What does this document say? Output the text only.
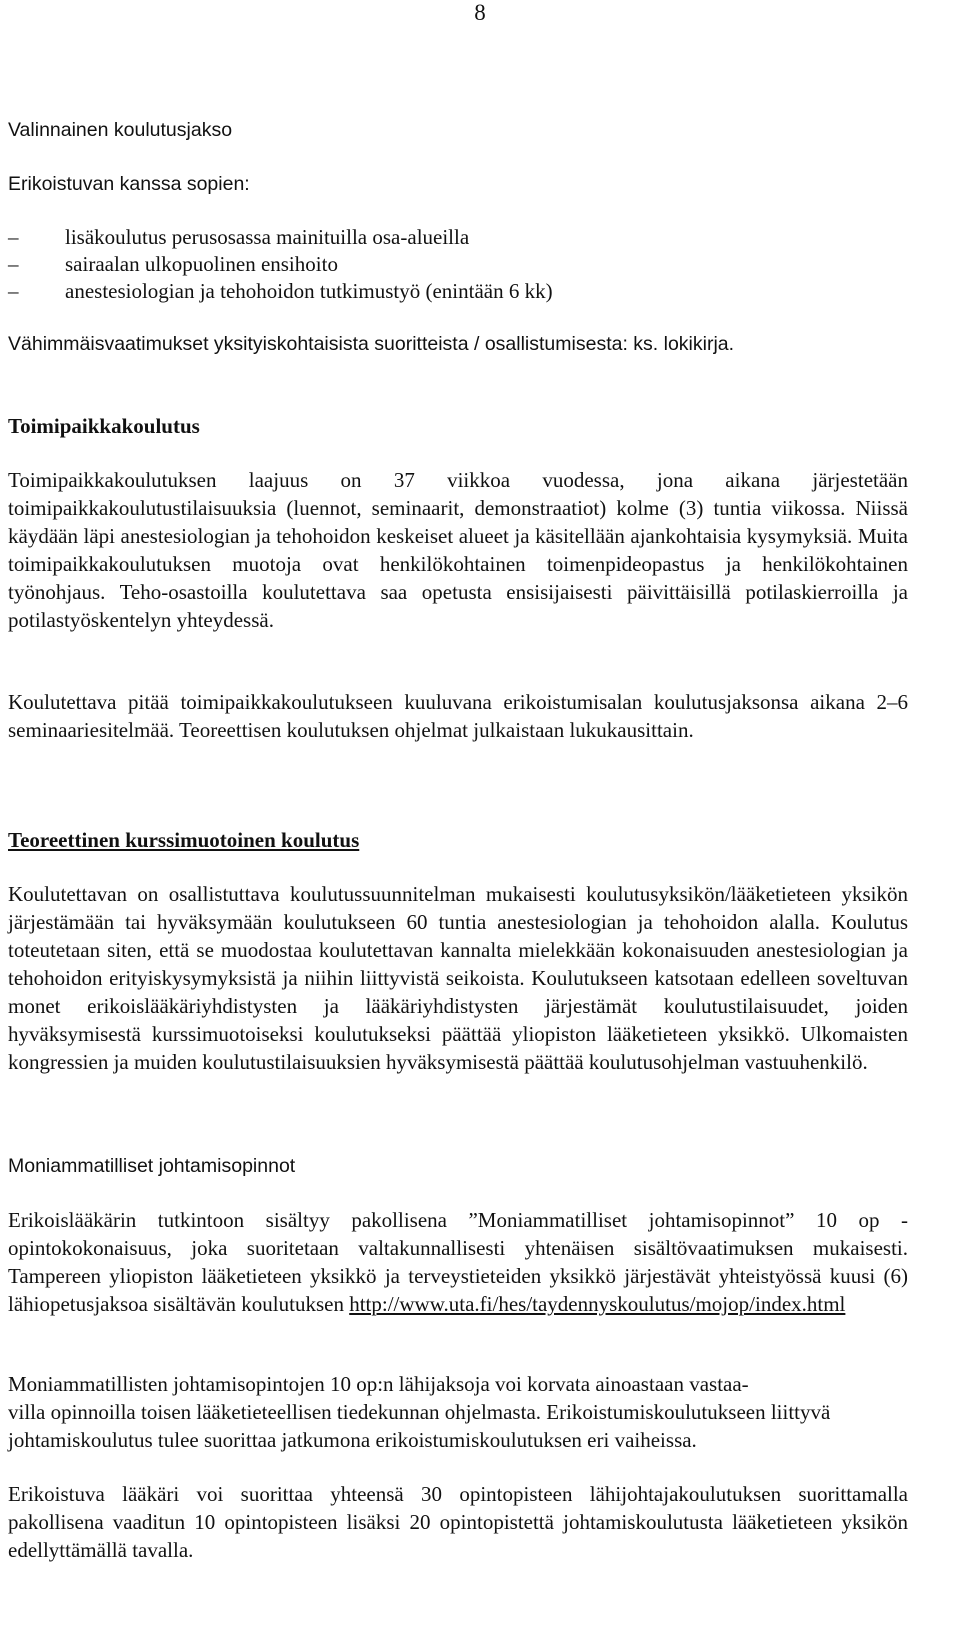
8
Valinnainen koulutusjakso
Erikoistuvan kanssa sopien:
–	lisäkoulutus perusosassa mainituilla osa-alueilla
–	sairaalan ulkopuolinen ensihoito
–	anestesiologian ja tehohoidon tutkimustyö (enintään 6 kk)
Vähimmäisvaatimukset yksityiskohtaisista suoritteista / osallistumisesta: ks. lokikirja.
Toimipaikkakoulutus

Toimipaikkakoulutuksen laajuus on 37 viikkoa vuodessa, jona aikana järjestetään toimipaikkakoulutustilaisuuksia (luennot, seminaarit, demonstraatiot) kolme (3) tuntia viikossa. Niissä käydään läpi anestesiologian ja tehohoidon keskeiset alueet ja käsitellään ajankohtaisia kysymyksiä. Muita toimipaikkakoulutuksen muotoja ovat henkilökohtainen toimenpideopastus ja henkilökohtainen työnohjaus. Teho-osastoilla koulutettava saa opetusta ensisijaisesti päivittäisillä potilaskierroilla ja potilastyöskentelyn yhteydessä.

Koulutettava pitää toimipaikkakoulutukseen kuuluvana erikoistumisalan koulutusjaksonsa aikana 2–6 seminaariesitelmää. Teoreettisen koulutuksen ohjelmat julkaistaan lukukausittain.

Teoreettinen kurssimuotoinen koulutus

Koulutettavan on osallistuttava koulutussuunnitelman mukaisesti koulutusyksikön/lääketieteen yksikön järjestämään tai hyväksymään koulutukseen 60 tuntia anestesiologian ja tehohoidon alalla. Koulutus toteutetaan siten, että se muodostaa koulutettavan kannalta mielekkään kokonaisuuden anestesiologian ja tehohoidon erityiskysymyksistä ja niihin liittyvistä seikoista. Koulutukseen katsotaan edelleen soveltuvan monet erikoislääkäriyhdistysten ja lääkäriyhdistysten järjestämät koulutustilaisuudet, joiden hyväksymisestä kurssimuotoiseksi koulutukseksi päättää yliopiston lääketieteen yksikkö. Ulkomaisten kongressien ja muiden koulutustilaisuuksien hyväksymisestä päättää koulutusohjelman vastuuhenkilö.

Moniammatilliset johtamisopinnot

Erikoislääkärin tutkintoon sisältyy pakollisena ”Moniammatilliset johtamisopinnot” 10 op -opintokokonaisuus, joka suoritetaan valtakunnallisesti yhtenäisen sisältövaatimuksen mukaisesti. Tampereen yliopiston lääketieteen yksikkö ja terveystieteiden yksikkö järjestävät yhteistyössä kuusi (6) lähiopetusjaksoa sisältävän koulutuksen http://www.uta.fi/hes/taydennyskoulutus/mojop/index.html

Moniammatillisten johtamisopintojen 10 op:n lähijaksoja voi korvata ainoastaan vastaa-
villa opinnoilla toisen lääketieteellisen tiedekunnan ohjelmasta. Erikoistumiskoulutukseen liittyvä johtamiskoulutus tulee suorittaa jatkumona erikoistumiskoulutuksen eri vaiheissa.

Erikoistuva lääkäri voi suorittaa yhteensä 30 opintopisteen lähijohtajakoulutuksen suorittamalla pakollisena vaaditun 10 opintopisteen lisäksi 20 opintopistettä johtamiskoulutusta lääketieteen yksikön edellyttämällä tavalla.
